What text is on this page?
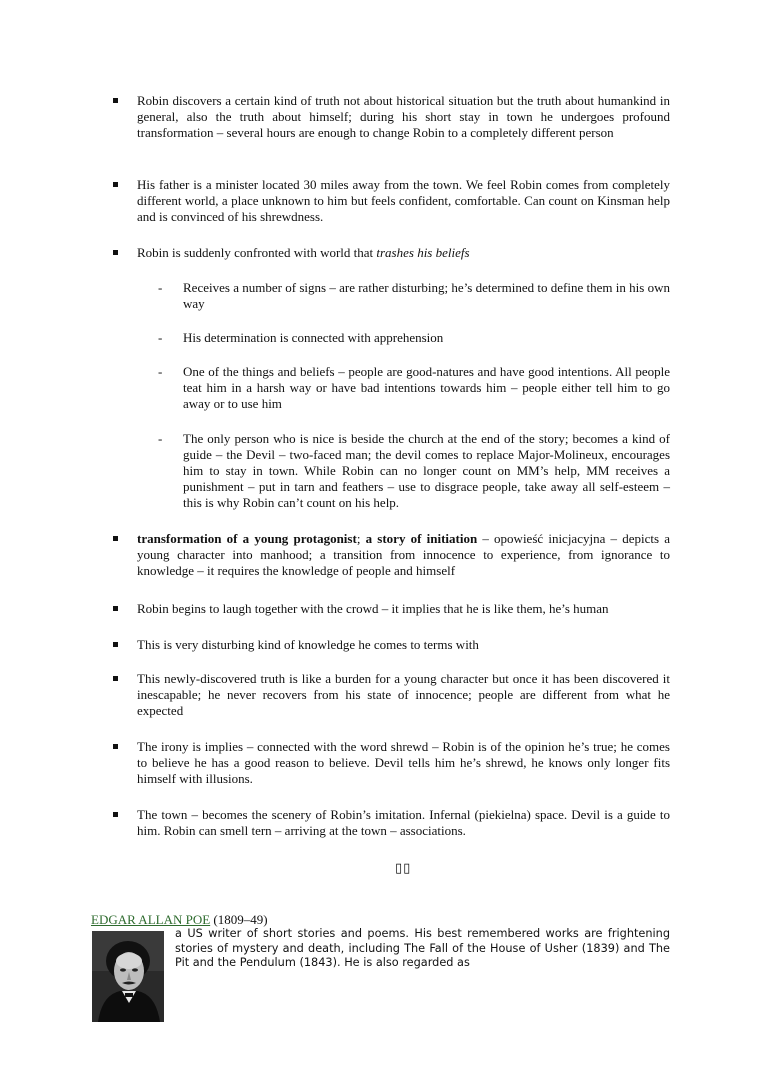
Robin discovers a certain kind of truth not about historical situation but the truth about humankind in general, also the truth about himself; during his short stay in town he undergoes profound transformation – several hours are enough to change Robin to a completely different person
His father is a minister located 30 miles away from the town. We feel Robin comes from completely different world, a place unknown to him but feels confident, comfortable. Can count on Kinsman help and is convinced of his shrewdness.
Robin is suddenly confronted with world that trashes his beliefs
- Receives a number of signs – are rather disturbing; he’s determined to define them in his own way
- His determination is connected with apprehension
- One of the things and beliefs – people are good-natures and have good intentions. All people teat him in a harsh way or have bad intentions towards him – people either tell him to go away or to use him
- The only person who is nice is beside the church at the end of the story; becomes a kind of guide – the Devil – two-faced man; the devil comes to replace Major-Molineux, encourages him to stay in town. While Robin can no longer count on MM’s help, MM receives a punishment – put in tarn and feathers – use to disgrace people, take away all self-esteem – this is why Robin can’t count on his help.
transformation of a young protagonist; a story of initiation – opowieść inicjacyjna – depicts a young character into manhood; a transition from innocence to experience, from ignorance to knowledge – it requires the knowledge of people and himself
Robin begins to laugh together with the crowd – it implies that he is like them, he’s human
This is very disturbing kind of knowledge he comes to terms with
This newly-discovered truth is like a burden for a young character but once it has been discovered it inescapable; he never recovers from his state of innocence; people are different from what he expected
The irony is implies – connected with the word shrewd – Robin is of the opinion he’s true; he comes to believe he has a good reason to believe. Devil tells him he’s shrewd, he knows only longer fits himself with illusions.
The town – becomes the scenery of Robin’s imitation. Infernal (piekielna) space. Devil is a guide to him. Robin can smell tern – arriving at the town – associations.
▯▯
EDGAR ALLAN POE (1809–49)
a US writer of short stories and poems. His best remembered works are frightening stories of mystery and death, including The Fall of the House of Usher (1839) and The Pit and the Pendulum (1843). He is also regarded as
